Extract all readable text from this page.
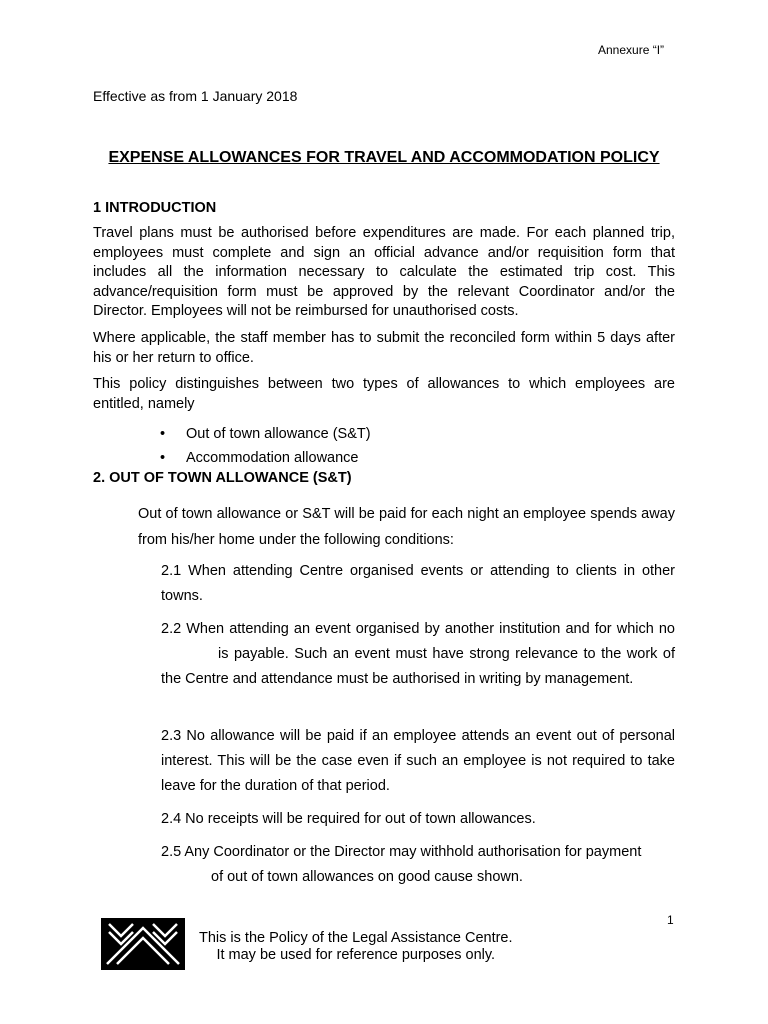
Annexure “I”
Effective as from 1 January 2018
EXPENSE ALLOWANCES FOR TRAVEL AND ACCOMMODATION POLICY
1 INTRODUCTION
Travel plans must be authorised before expenditures are made. For each planned trip, employees must complete and sign an official advance and/or requisition form that includes all the information necessary to calculate the estimated trip cost. This advance/requisition form must be approved by the relevant Coordinator and/or the Director. Employees will not be reimbursed for unauthorised costs.
Where applicable, the staff member has to submit the reconciled form within 5 days after his or her return to office.
This policy distinguishes between two types of allowances to which employees are entitled, namely
• Out of town allowance (S&T)
• Accommodation allowance
2. OUT OF TOWN ALLOWANCE (S&T)
Out of town allowance or S&T will be paid for each night an employee spends away from his/her home under the following conditions:
2.1 When attending Centre organised events or attending to clients in other towns.
2.2 When attending an event organised by another institution and for which nois payable. Such an event must have strong relevance to the work of the Centre and attendance must be authorised in writing by management.
2.3 No allowance will be paid if an employee attends an event out of personal interest. This will be the case even if such an employee is not required to take leave for the duration of that period.
2.4 No receipts will be required for out of town allowances.
2.5 Any Coordinator or the Director may withhold authorisation for payment
of out of town allowances on good cause shown.
1
This is the Policy of the Legal Assistance Centre.
It may be used for reference purposes only.
